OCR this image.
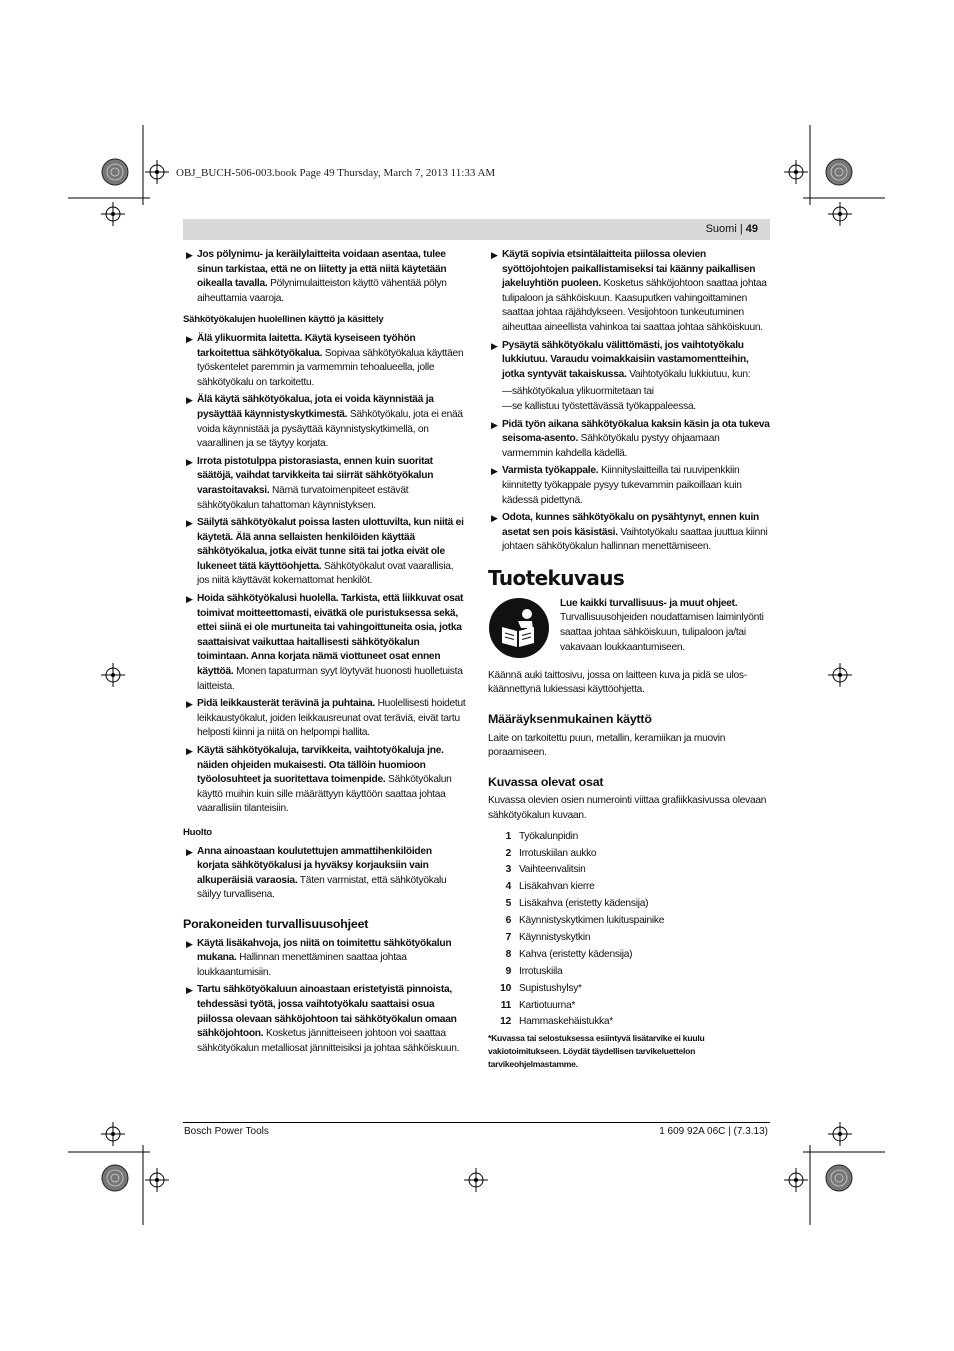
OBJ_BUCH-506-003.book Page 49 Thursday, March 7, 2013 11:33 AM
Suomi | 49
▶ Jos pölynimu- ja keräilylaitteita voidaan asentaa, tulee sinun tarkistaa, että ne on liitetty ja että niitä käytetään oikealla tavalla. Pölynimulaitteiston käyttö vähentää pölyn aiheuttamia vaaroja.
Sähkötyökalujen huolellinen käyttö ja käsittely
▶ Älä ylikuormita laitetta. Käytä kyseiseen työhön tarkoitettua sähkötyökalua. Sopivaa sähkötyökalua käyttäen työskentelet paremmin ja varmemmin tehoalueella, jolle sähkötyökalu on tarkoitettu.
▶ Älä käytä sähkötyökalua, jota ei voida käynnistää ja pysäyttää käynnistyskytkimestä. Sähkötyökalu, jota ei enää voida käynnistää ja pysäyttää käynnistyskytkimellä, on vaarallinen ja se täytyy korjata.
▶ Irrota pistotulppa pistorasiasta, ennen kuin suoritat säätöjä, vaihdat tarvikkeita tai siirrät sähkötyökalun varastoitavaksi. Nämä turvatoimenpiteet estävät sähkötyökalun tahattoman käynnistyksen.
▶ Säilytä sähkötyökalut poissa lasten ulottuvilta, kun niitä ei käytetä. Älä anna sellaisten henkilöiden käyttää sähkötyökalua, jotka eivät tunne sitä tai jotka eivät ole lukeneet tätä käyttöohjetta. Sähkötyökalut ovat vaarallisia, jos niitä käyttävät kokemattomat henkilöt.
▶ Hoida sähkötyökalusi huolella. Tarkista, että liikkuvat osat toimivat moitteettomasti, eivätkä ole puristuksessa sekä, ettei siinä ei ole murtuneita tai vahingoittuneita osia, jotka saattaisivat vaikuttaa haitallisesti sähkötyökalun toimintaan. Anna korjata nämä viottuneet osat ennen käyttöä. Monen tapaturman syyt löytyvät huonosti huolletuista laitteista.
▶ Pidä leikkausterät terävinä ja puhtaina. Huolellisesti hoidetut leikkaustyökalut, joiden leikkausreunat ovat teräviä, eivät tartu helposti kiinni ja niitä on helpompi hallita.
▶ Käytä sähkötyökaluja, tarvikkeita, vaihtotyökaluja jne. näiden ohjeiden mukaisesti. Ota tällöin huomioon työolosuhteet ja suoritettava toimenpide. Sähkötyökalun käyttö muihin kuin sille määrättyyn käyttöön saattaa johtaa vaarallisiin tilanteisiin.
Huolto
▶ Anna ainoastaan koulutettujen ammattihenkilöiden korjata sähkötyökalusi ja hyväksy korjauksiin vain alkuperäisiä varaosia. Täten varmistat, että sähkötyökalu säilyy turvallisena.
Porakoneiden turvallisuusohjeet
▶ Käytä lisäkahvoja, jos niitä on toimitettu sähkötyökalun mukana. Hallinnan menettäminen saattaa johtaa loukkaantumisiin.
▶ Tartu sähkötyökaluun ainoastaan eristetyistä pinnoista, tehdessäsi työtä, jossa vaihtotyökalu saattaisi osua piilossa olevaan sähköjohtoon tai sähkötyökalun omaan sähköjohtoon. Kosketus jännitteiseen johtoon voi saattaa sähkötyökalun metalliosat jännitteisiksi ja johtaa sähköiskuun.
▶ Käytä sopivia etsintälaitteita piilossa olevien syöttöjohtojen paikallistamiseksi tai käänny paikallisen jakeluyhtiön puoleen. Kosketus sähköjohtoon saattaa johtaa tulipaloon ja sähköiskuun. Kaasuputken vahingoittaminen saattaa johtaa räjähdykseen. Vesijohtoon tunkeutuminen aiheuttaa aineellista vahinkoa tai saattaa johtaa sähköiskuun.
▶ Pysäytä sähkötyökalu välittömästi, jos vaihtotyökalu lukkiutuu. Varaudu voimakkaisiin vastamomentteihin, jotka syntyvät takaiskussa. Vaihtotyökalu lukkiutuu, kun:
—sähkötyökalua ylikuormitetaan tai
—se kallistuu työstettävässä työkappaleessa.
▶ Pidä työn aikana sähkötyökalua kaksin käsin ja ota tukeva seisoma-asento. Sähkötyökalu pystyy ohjaamaan varmemmin kahdella kädellä.
▶ Varmista työkappale. Kiinnityslaitteilla tai ruuvipenkkiin kiinnitetty työkappale pysyy tukevammin paikoillaan kuin kädessä pidettynä.
▶ Odota, kunnes sähkötyökalu on pysähtynyt, ennen kuin asetat sen pois käsistäsi. Vaihtotyökalu saattaa juuttua kiinni johtaen sähkötyökalun hallinnan menettämiseen.
Tuotekuvaus
Lue kaikki turvallisuus- ja muut ohjeet. Turvallisuusohjeiden noudattamisen laiminlyönti saattaa johtaa sähköiskuun, tulipaloon ja/tai vakavaan loukkaantumiseen.
Käännä auki taittosivu, jossa on laitteen kuva ja pidä se ulos-käännettynä lukiessasi käyttöohjetta.
Määräyksenmukainen käyttö
Laite on tarkoitettu puun, metallin, keramiikan ja muovin poraamiseen.
Kuvassa olevat osat
Kuvassa olevien osien numerointi viittaa grafiikkasivussa olevaan sähkötyökalun kuvaan.
1 Työkalunpidin
2 Irrotuskiilan aukko
3 Vaihteenvalitsin
4 Lisäkahvan kierre
5 Lisäkahva (eristetty kädensija)
6 Käynnistyskytkimen lukituspainike
7 Käynnistyskytkin
8 Kahva (eristetty kädensija)
9 Irrotuskiila
10 Supistushylsy*
11 Kartiotuurna*
12 Hammaskehäistukka*
*Kuvassa tai selostuksessa esiintyvä lisätarvike ei kuulu vakiotoimitukseen. Löydät täydellisen tarvikeluettelon tarvikeohjelmastamme.
Bosch Power Tools	1 609 92A 06C | (7.3.13)
